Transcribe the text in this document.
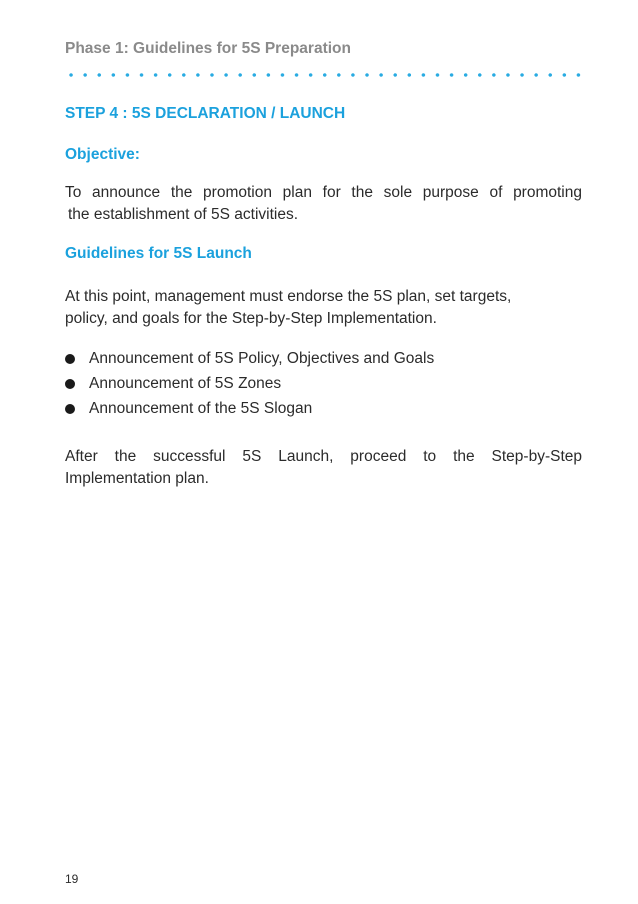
Phase 1: Guidelines for 5S Preparation
STEP 4 : 5S DECLARATION / LAUNCH
Objective:
To announce the promotion plan for the sole purpose of promoting
the establishment of 5S activities.
Guidelines for 5S Launch
At this point, management must endorse the 5S plan, set targets,
policy, and goals for the Step-by-Step Implementation.
Announcement of 5S Policy, Objectives and Goals
Announcement of 5S Zones
Announcement of the 5S Slogan
After the successful 5S Launch, proceed to the Step-by-Step
Implementation plan.
19
